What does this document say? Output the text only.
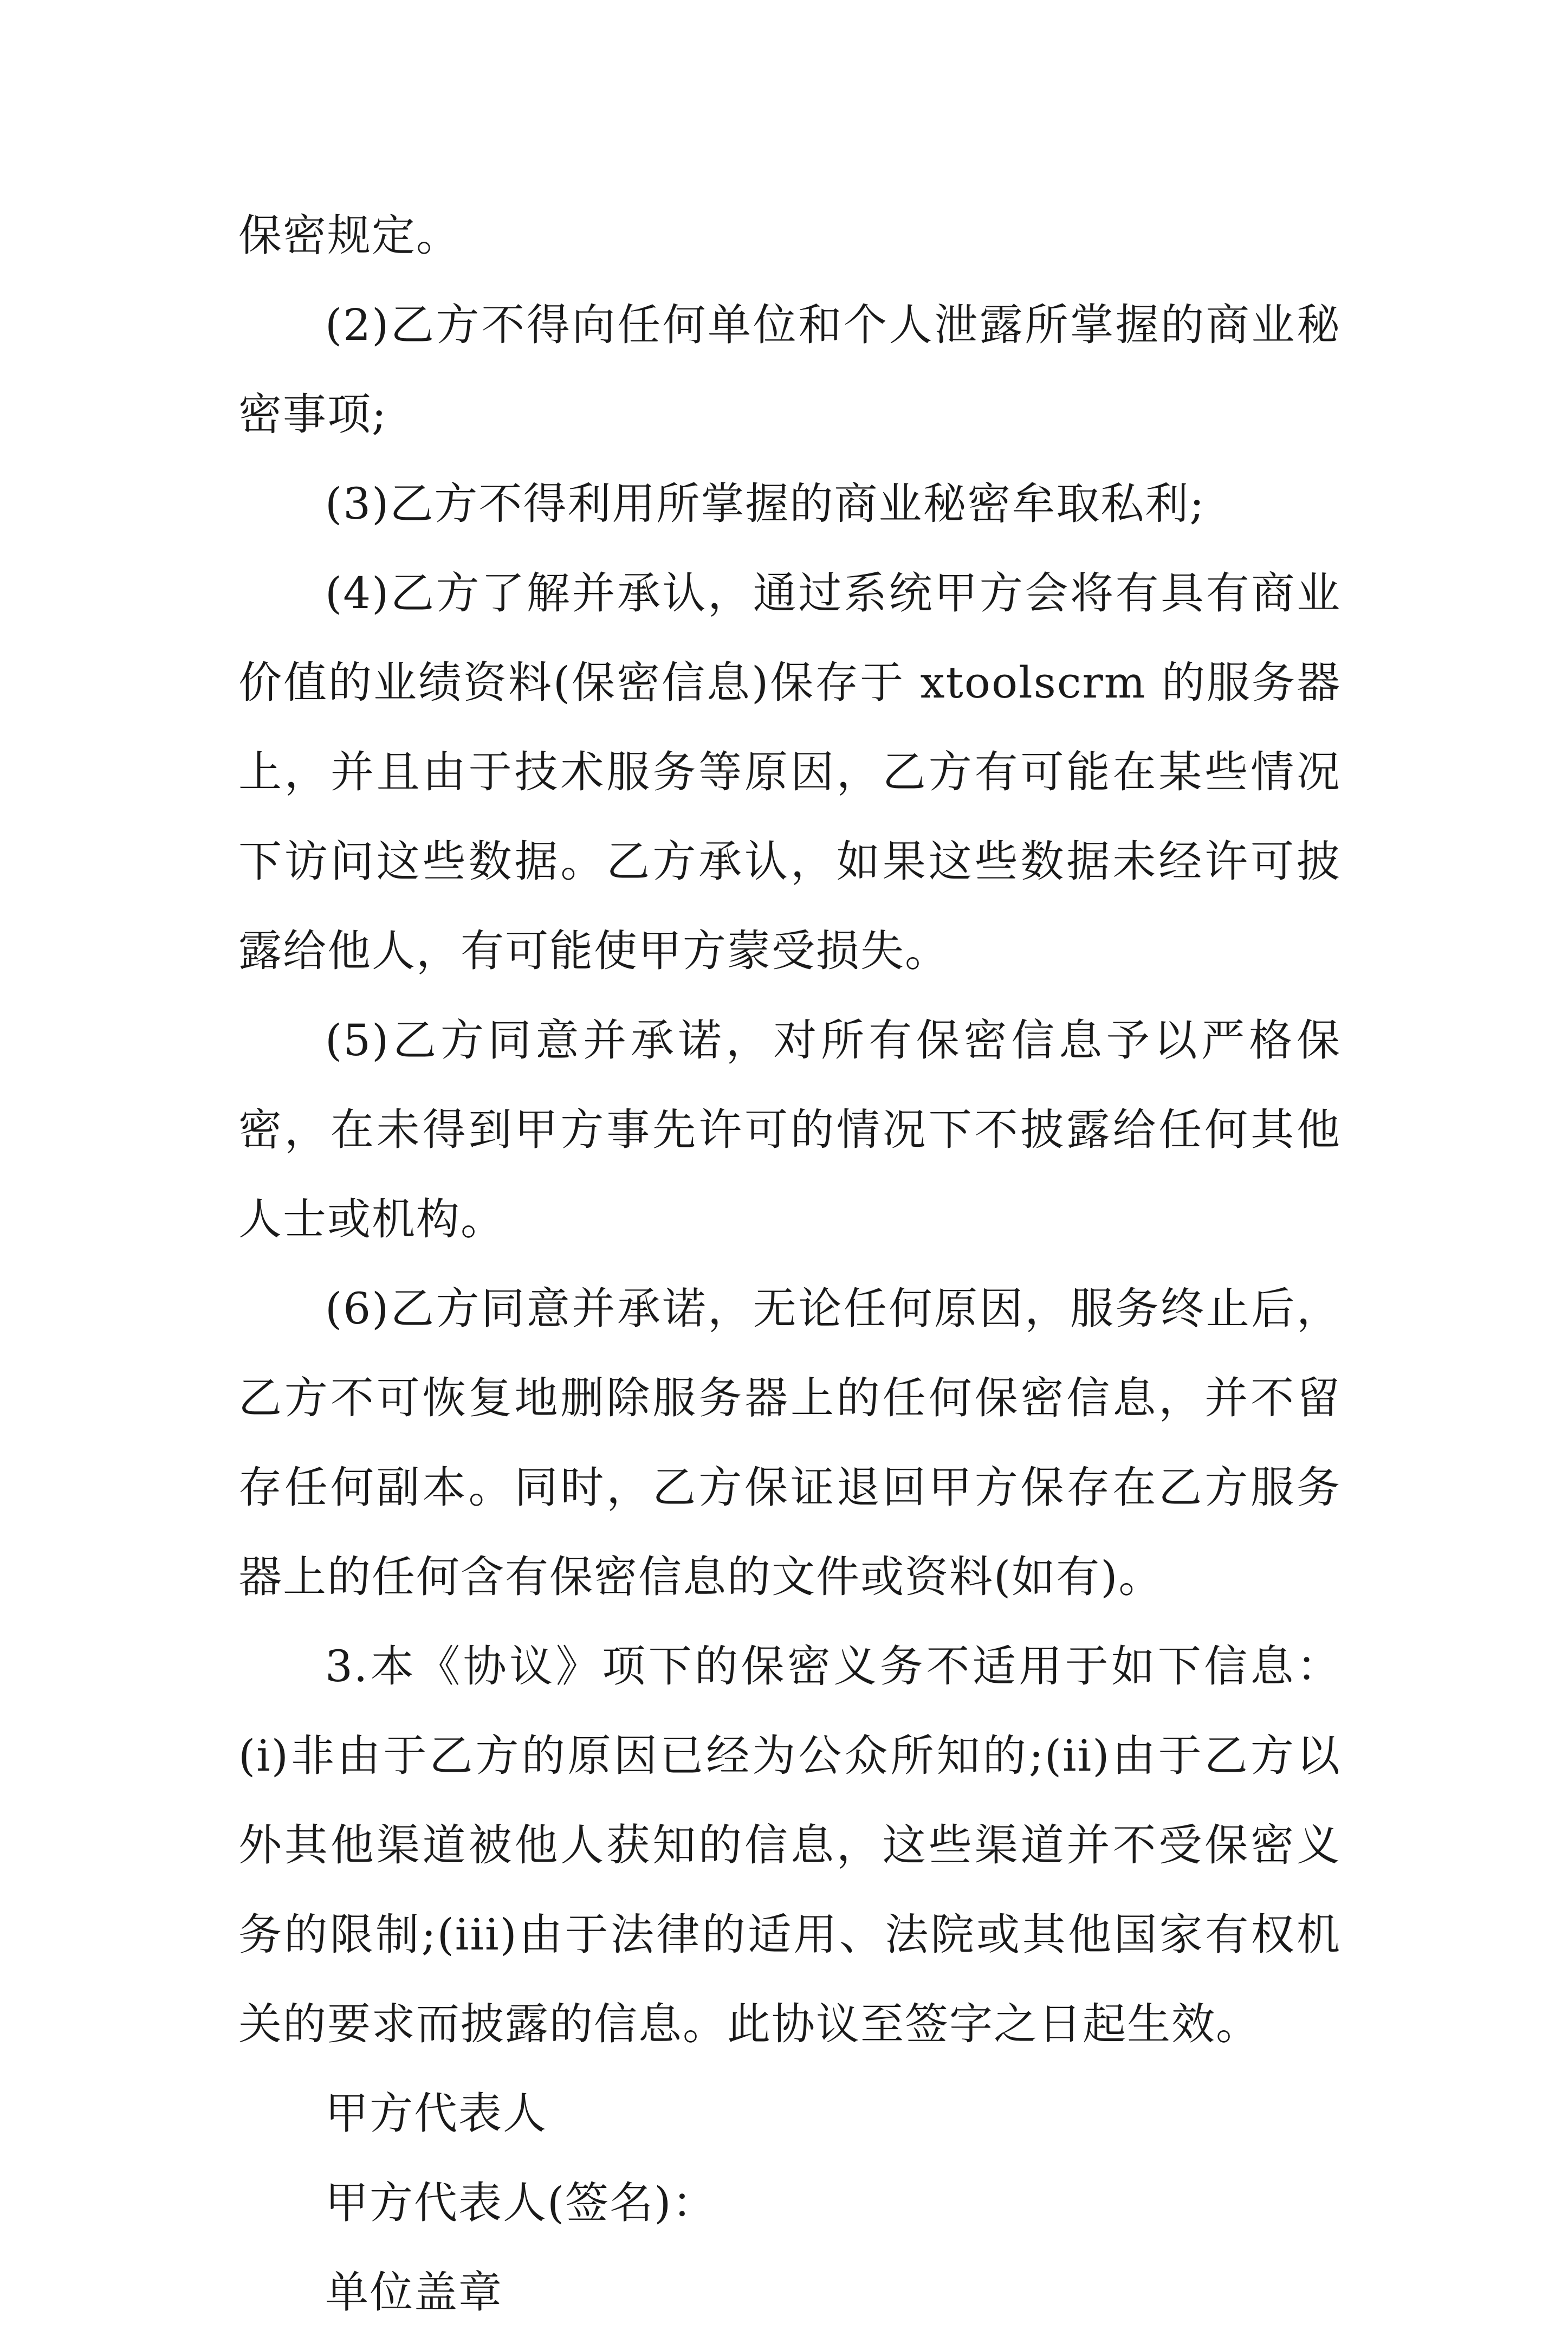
保密规定。

(2)乙方不得向任何单位和个人泄露所掌握的商业秘密事项;

(3)乙方不得利用所掌握的商业秘密牟取私利;

(4)乙方了解并承认，通过系统甲方会将有具有商业价值的业绩资料(保密信息)保存于 xtoolscrm 的服务器上，并且由于技术服务等原因，乙方有可能在某些情况下访问这些数据。乙方承认，如果这些数据未经许可披露给他人，有可能使甲方蒙受损失。

(5)乙方同意并承诺，对所有保密信息予以严格保密，在未得到甲方事先许可的情况下不披露给任何其他人士或机构。

(6)乙方同意并承诺，无论任何原因，服务终止后，乙方不可恢复地删除服务器上的任何保密信息，并不留存任何副本。同时，乙方保证退回甲方保存在乙方服务器上的任何含有保密信息的文件或资料(如有)。

3.本《协议》项下的保密义务不适用于如下信息：(i)非由于乙方的原因已经为公众所知的;(ii)由于乙方以外其他渠道被他人获知的信息，这些渠道并不受保密义务的限制;(iii)由于法律的适用、法院或其他国家有权机关的要求而披露的信息。此协议至签字之日起生效。

甲方代表人

甲方代表人(签名)：

单位盖章
